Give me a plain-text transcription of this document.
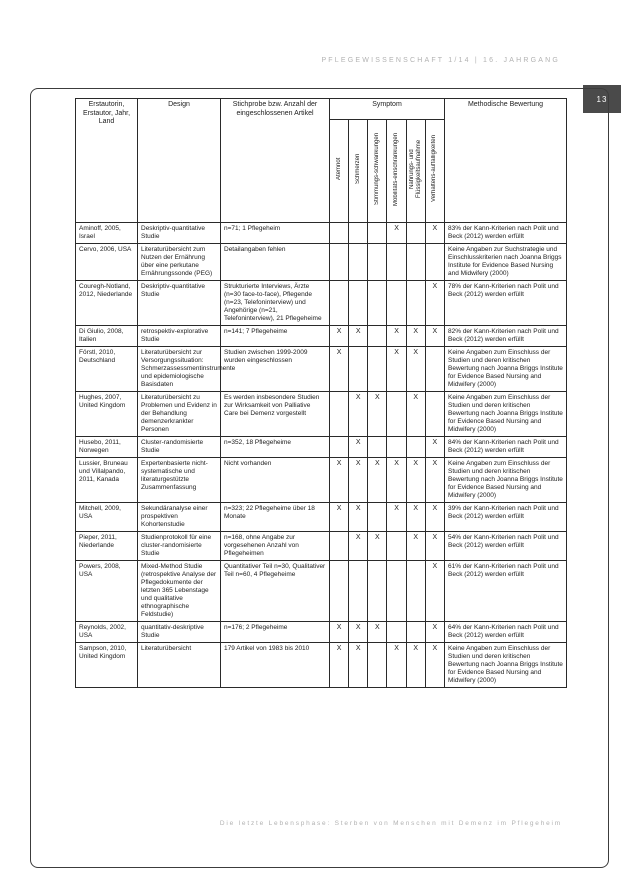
PFLEGEWISSENSCHAFT 1/14 | 16. JAHRGANG
13
Erstautorin, Erstautor, Jahr, Land	Design	Stichprobe bzw. Anzahl der eingeschlossenen Artikel	Symptom						Methodische Bewertung
			Atemnot	Schmerzen	Stimmungs-schwankungen	Mobilitäts-einschränkungen	Nahrungs- und Flüssigkeitsaufnahme	Verhaltens-auffälligkeiten	
Aminoff, 2005, Israel	Deskriptiv-quantitative Studie	n=71; 1 Pflegeheim				X		X	83% der Kann-Kriterien nach Polit und Beck (2012) werden erfüllt
Cervo, 2006, USA	Literaturübersicht zum Nutzen der Ernährung über eine perkutane Ernährungssonde (PEG)	Detailangaben fehlen							Keine Angaben zur Suchstrategie und Einschlusskriterien nach Joanna Briggs Institute for Evidence Based Nursing and Midwifery (2000)
Couregh-Notland, 2012, Niederlande	Deskriptiv-quantitative Studie	Strukturierte Interviews, Ärzte (n=30 face-to-face), Pflegende (n=23, Telefoninterview) und Angehörige (n=21, Telefoninterview), 21 Pflegeheime						X	78% der Kann-Kriterien nach Polit und Beck (2012) werden erfüllt
Di Giulio, 2008, Italien	retrospektiv-explorative Studie	n=141; 7 Pflegeheime	X	X		X	X	X	82% der Kann-Kriterien nach Polit und Beck (2012) werden erfüllt
Förstl, 2010, Deutschland	Literaturübersicht zur Versorgungssituation: Schmerzassessmentinstrumente und epidemiologische Basisdaten	Studien zwischen 1999-2009 wurden eingeschlossen	X			X	X		Keine Angaben zum Einschluss der Studien und deren kritischen Bewertung nach Joanna Briggs Institute for Evidence Based Nursing and Midwifery (2000)
Hughes, 2007, United Kingdom	Literaturübersicht zu Problemen und Evidenz in der Behandlung demenzerkrankter Personen	Es werden insbesondere Studien zur Wirksamkeit von Palliative Care bei Demenz vorgestellt		X	X		X		Keine Angaben zum Einschluss der Studien und deren kritischen Bewertung nach Joanna Briggs Institute for Evidence Based Nursing and Midwifery (2000)
Husebo, 2011, Norwegen	Cluster-randomisierte Studie	n=352, 18 Pflegeheime		X				X	84% der Kann-Kriterien nach Polit und Beck (2012) werden erfüllt
Lussier, Bruneau und Villalpando, 2011, Kanada	Expertenbasierte nicht-systematische und literaturgestützte Zusammenfassung	Nicht vorhanden	X	X	X	X	X	X	Keine Angaben zum Einschluss der Studien und deren kritischen Bewertung nach Joanna Briggs Institute for Evidence Based Nursing and Midwifery (2000)
Mitchell, 2009, USA	Sekundäranalyse einer prospektiven Kohortenstudie	n=323; 22 Pflegeheime über 18 Monate	X	X		X	X	X	39% der Kann-Kriterien nach Polit und Beck (2012) werden erfüllt
Pieper, 2011, Niederlande	Studienprotokoll für eine cluster-randomisierte Studie	n=168, ohne Angabe zur vorgesehenen Anzahl von Pflegeheimen		X	X		X	X	54% der Kann-Kriterien nach Polit und Beck (2012) werden erfüllt
Powers, 2008, USA	Mixed-Method Studie (retrospektive Analyse der Pflegedokumente der letzten 365 Lebenstage und qualitative ethnographische Feldstudie)	Quantitativer Teil n=30, Qualitativer Teil n=60, 4 Pflegeheime						X	61% der Kann-Kriterien nach Polit und Beck (2012) werden erfüllt
Reynolds, 2002, USA	quantitativ-deskriptive Studie	n=176; 2 Pflegeheime	X	X	X			X	64% der Kann-Kriterien nach Polit und Beck (2012) werden erfüllt
Sampson, 2010, United Kingdom	Literaturübersicht	179 Artikel von 1983 bis 2010	X	X		X	X	X	Keine Angaben zum Einschluss der Studien und deren kritischen Bewertung nach Joanna Briggs Institute for Evidence Based Nursing and Midwifery (2000)
Die letzte Lebensphase: Sterben von Menschen mit Demenz im Pflegeheim
